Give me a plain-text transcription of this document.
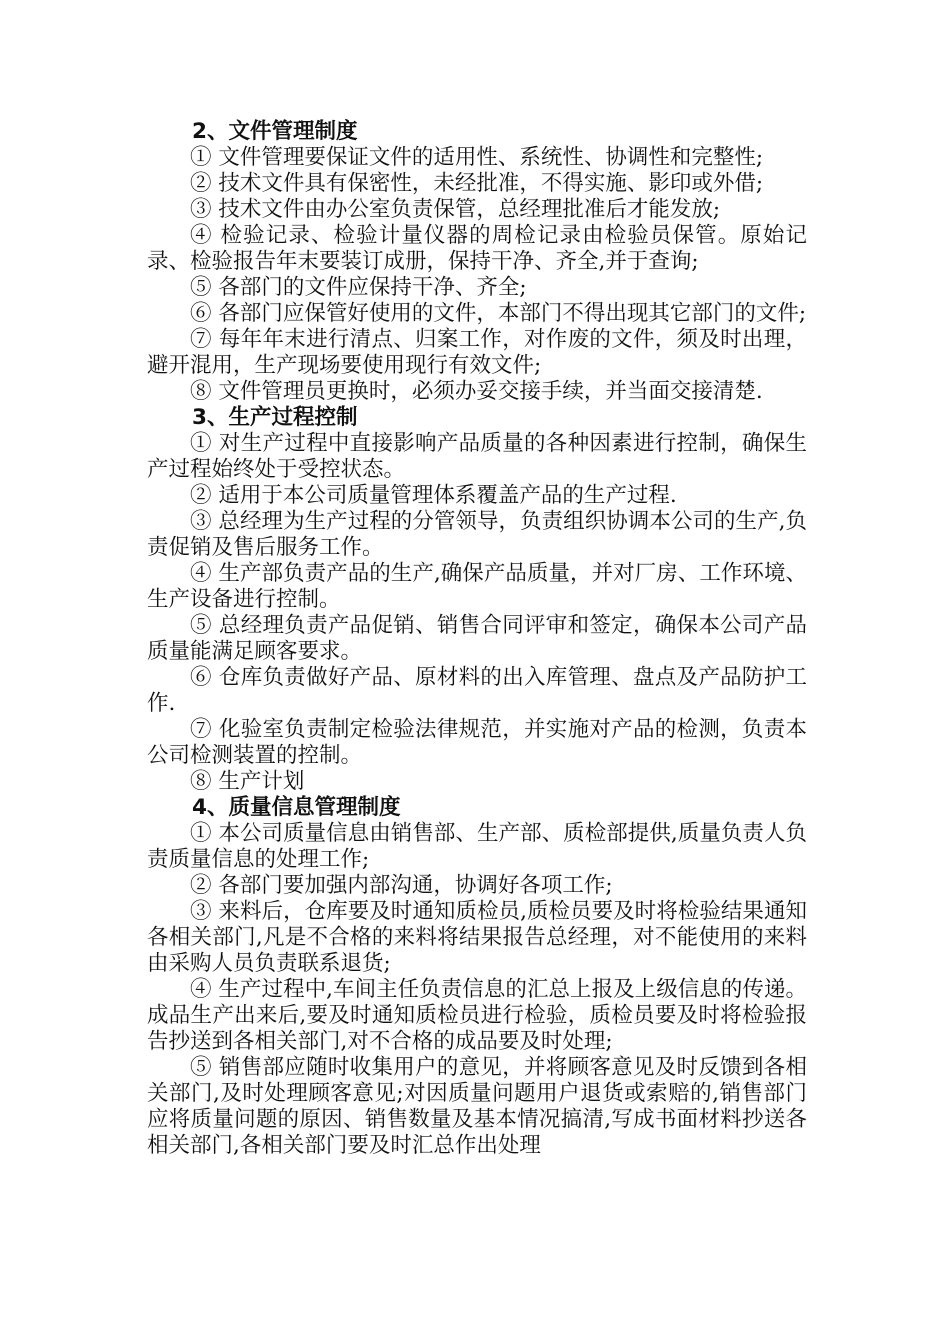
2、文件管理制度

① 文件管理要保证文件的适用性、系统性、协调性和完整性;

② 技术文件具有保密性，未经批准，不得实施、影印或外借;

③ 技术文件由办公室负责保管，总经理批准后才能发放;

④ 检验记录、检验计量仪器的周检记录由检验员保管。原始记录、检验报告年末要装订成册，保持干净、齐全,并于查询;

⑤ 各部门的文件应保持干净、齐全;

⑥ 各部门应保管好使用的文件，本部门不得出现其它部门的文件;

⑦ 每年年末进行清点、归案工作，对作废的文件，须及时出理，避开混用，生产现场要使用现行有效文件;

⑧ 文件管理员更换时，必须办妥交接手续，并当面交接清楚.

3、生产过程控制

① 对生产过程中直接影响产品质量的各种因素进行控制，确保生产过程始终处于受控状态。

② 适用于本公司质量管理体系覆盖产品的生产过程.

③ 总经理为生产过程的分管领导，负责组织协调本公司的生产,负责促销及售后服务工作。

④ 生产部负责产品的生产,确保产品质量，并对厂房、工作环境、生产设备进行控制。

⑤ 总经理负责产品促销、销售合同评审和签定，确保本公司产品质量能满足顾客要求。

⑥ 仓库负责做好产品、原材料的出入库管理、盘点及产品防护工作.

⑦ 化验室负责制定检验法律规范，并实施对产品的检测，负责本公司检测装置的控制。

⑧ 生产计划

4、质量信息管理制度

① 本公司质量信息由销售部、生产部、质检部提供,质量负责人负责质量信息的处理工作;

② 各部门要加强内部沟通，协调好各项工作;

③ 来料后，仓库要及时通知质检员,质检员要及时将检验结果通知各相关部门,凡是不合格的来料将结果报告总经理，对不能使用的来料由采购人员负责联系退货;

④ 生产过程中,车间主任负责信息的汇总上报及上级信息的传递。成品生产出来后,要及时通知质检员进行检验，质检员要及时将检验报告抄送到各相关部门,对不合格的成品要及时处理;

⑤ 销售部应随时收集用户的意见，并将顾客意见及时反馈到各相关部门,及时处理顾客意见;对因质量问题用户退货或索赔的,销售部门应将质量问题的原因、销售数量及基本情况搞清,写成书面材料抄送各相关部门,各相关部门要及时汇总作出处理
